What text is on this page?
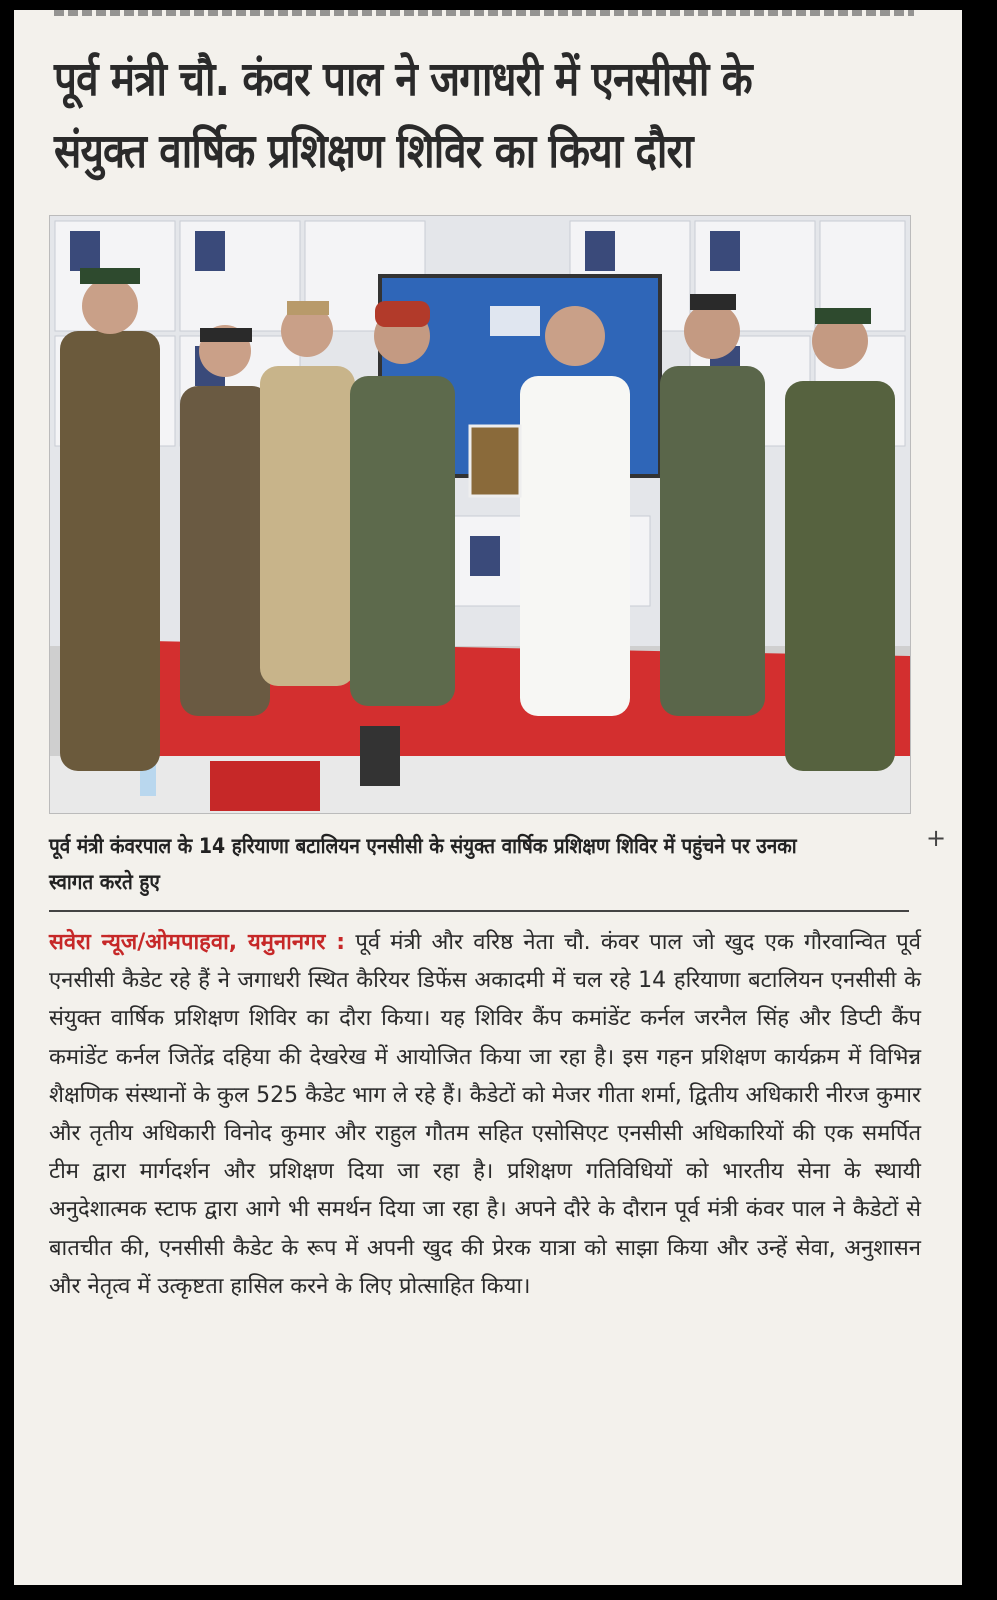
पूर्व मंत्री चौ. कंवर पाल ने जगाधरी में एनसीसी के संयुक्त वार्षिक प्रशिक्षण शिविर का किया दौरा

पूर्व मंत्री कंवरपाल के 14 हरियाणा बटालियन एनसीसी के संयुक्त वार्षिक प्रशिक्षण शिविर में पहुंचने पर उनका स्वागत करते हुए

+

सवेरा न्यूज/ओमपाहवा, यमुनानगर : पूर्व मंत्री और वरिष्ठ नेता चौ. कंवर पाल जो खुद एक गौरवान्वित पूर्व एनसीसी कैडेट रहे हैं ने जगाधरी स्थित कैरियर डिफेंस अकादमी में चल रहे 14 हरियाणा बटालियन एनसीसी के संयुक्त वार्षिक प्रशिक्षण शिविर का दौरा किया। यह शिविर कैंप कमांडेंट कर्नल जरनैल सिंह और डिप्टी कैंप कमांडेंट कर्नल जितेंद्र दहिया की देखरेख में आयोजित किया जा रहा है। इस गहन प्रशिक्षण कार्यक्रम में विभिन्न शैक्षणिक संस्थानों के कुल 525 कैडेट भाग ले रहे हैं। कैडेटों को मेजर गीता शर्मा, द्वितीय अधिकारी नीरज कुमार और तृतीय अधिकारी विनोद कुमार और राहुल गौतम सहित एसोसिएट एनसीसी अधिकारियों की एक समर्पित टीम द्वारा मार्गदर्शन और प्रशिक्षण दिया जा रहा है। प्रशिक्षण गतिविधियों को भारतीय सेना के स्थायी अनुदेशात्मक स्टाफ द्वारा आगे भी समर्थन दिया जा रहा है। अपने दौरे के दौरान पूर्व मंत्री कंवर पाल ने कैडेटों से बातचीत की, एनसीसी कैडेट के रूप में अपनी खुद की प्रेरक यात्रा को साझा किया और उन्हें सेवा, अनुशासन और नेतृत्व में उत्कृष्टता हासिल करने के लिए प्रोत्साहित किया।
